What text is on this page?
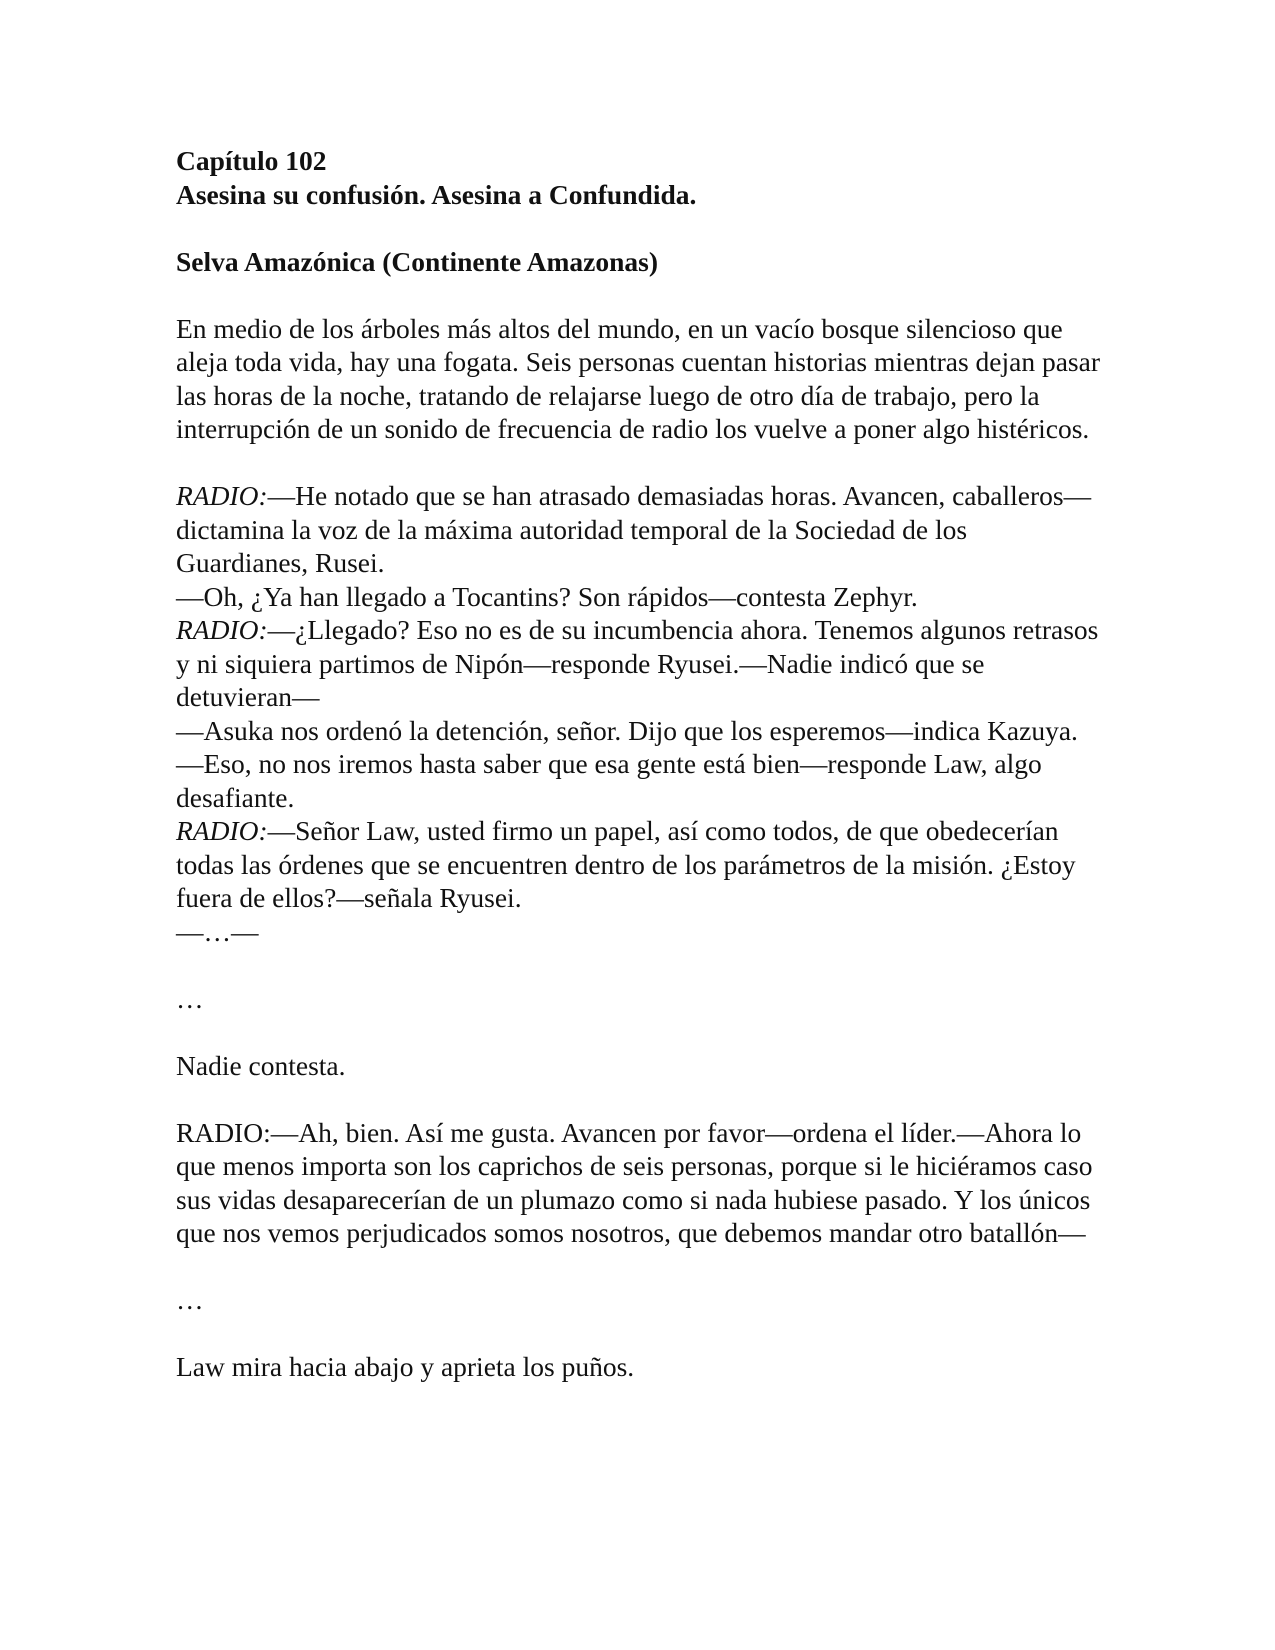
Capítulo 102

Asesina su confusión. Asesina a Confundida.

Selva Amazónica (Continente Amazonas)

En medio de los árboles más altos del mundo, en un vacío bosque silencioso que aleja toda vida, hay una fogata. Seis personas cuentan historias mientras dejan pasar las horas de la noche, tratando de relajarse luego de otro día de trabajo, pero la interrupción de un sonido de frecuencia de radio los vuelve a poner algo histéricos.

RADIO:—He notado que se han atrasado demasiadas horas. Avancen, caballeros—dictamina la voz de la máxima autoridad temporal de la Sociedad de los Guardianes, Rusei.

—Oh, ¿Ya han llegado a Tocantins? Son rápidos—contesta Zephyr.

RADIO:—¿Llegado? Eso no es de su incumbencia ahora. Tenemos algunos retrasos y ni siquiera partimos de Nipón—responde Ryusei.—Nadie indicó que se detuvieran—

—Asuka nos ordenó la detención, señor. Dijo que los esperemos—indica Kazuya.

—Eso, no nos iremos hasta saber que esa gente está bien—responde Law, algo desafiante.

RADIO:—Señor Law, usted firmo un papel, así como todos, de que obedecerían todas las órdenes que se encuentren dentro de los parámetros de la misión. ¿Estoy fuera de ellos?—señala Ryusei.

—…—

…

Nadie contesta.

RADIO:—Ah, bien. Así me gusta. Avancen por favor—ordena el líder.—Ahora lo que menos importa son los caprichos de seis personas, porque si le hiciéramos caso sus vidas desaparecerían de un plumazo como si nada hubiese pasado. Y los únicos que nos vemos perjudicados somos nosotros, que debemos mandar otro batallón—

…

Law mira hacia abajo y aprieta los puños.
